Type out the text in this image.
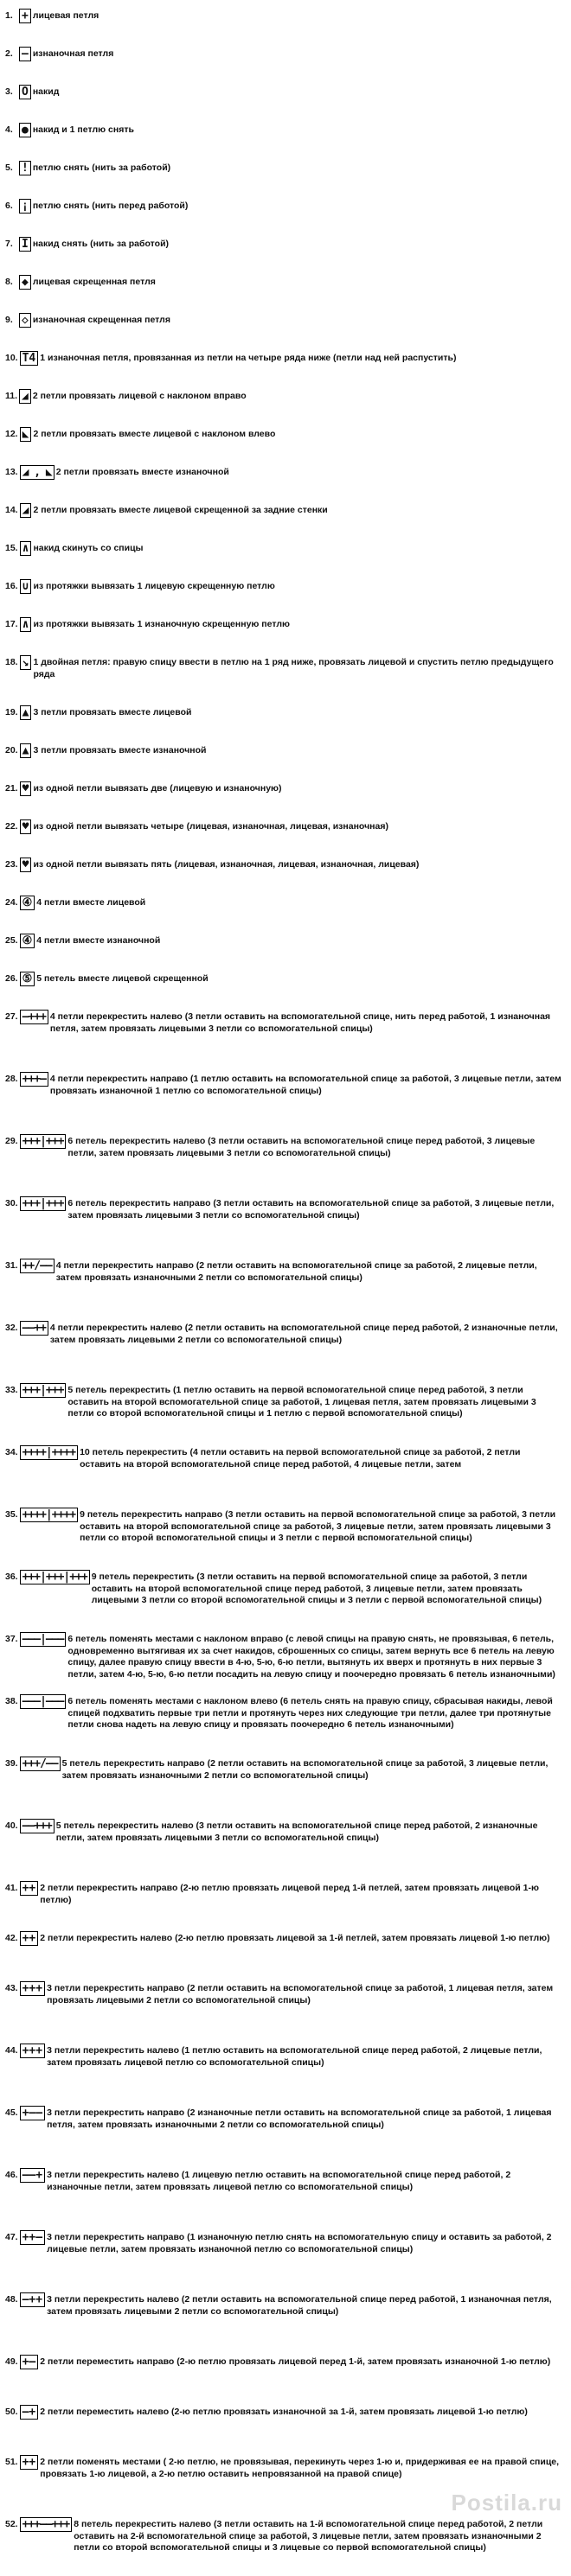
1. + лицевая петля
2. — изнаночная петля
3. O накид
4. ● накид и 1 петлю снять
5. ! петлю снять (нить за работой)
6. ¡ петлю снять (нить перед работой)
7. I накид снять (нить за работой)
8. ◆ лицевая скрещенная петля
9. ◇ изнаночная скрещенная петля
10. T4 1 изнаночная петля, провязанная из петли на четыре ряда ниже (петли над ней распустить)
11. ◢ 2 петли провязать лицевой с наклоном вправо
12. ◣ 2 петли провязать вместе лицевой с наклоном влево
13. ◢ , ◣ 2 петли провязать вместе изнаночной
14. ◢ 2 петли провязать вместе лицевой скрещенной за задние стенки
15. ∧ накид скинуть со спицы
16. ∪ из протяжки вывязать 1 лицевую скрещенную петлю
17. ∧ из протяжки вывязать 1 изнаночную скрещенную петлю
18. ↘ 1 двойная петля: правую спицу ввести в петлю на 1 ряд ниже, провязать лицевой и спустить петлю предыдущего ряда
19. ▲ 3 петли провязать вместе лицевой
20. ▲ 3 петли провязать вместе изнаночной
21. ♥ из одной петли вывязать две (лицевую и изнаночную)
22. ♥ из одной петли вывязать четыре (лицевая, изнаночная, лицевая, изнаночная)
23. ♥ из одной петли вывязать пять (лицевая, изнаночная, лицевая, изнаночная, лицевая)
24. ④ 4 петли вместе лицевой
25. ④ 4 петли вместе изнаночной
26. ⑤ 5 петель вместе лицевой скрещенной
27. —+++ 4 петли перекрестить налево (3 петли оставить на вспомогательной спице, нить перед работой, 1 изнаночная петля, затем провязать лицевыми 3 петли со вспомогательной спицы)
28. +++— 4 петли перекрестить направо (1 петлю оставить на вспомогательной спице за работой, 3 лицевые петли, затем провязать изнаночной 1 петлю со вспомогательной спицы)
29. +++|+++ 6 петель перекрестить налево (3 петли оставить на вспомогательной спице перед работой, 3 лицевые петли, затем провязать лицевыми 3 петли со вспомогательной спицы)
30. +++|+++ 6 петель перекрестить направо (3 петли оставить на вспомогательной спице за работой, 3 лицевые петли, затем провязать лицевыми 3 петли со вспомогательной спицы)
31. ++/—— 4 петли перекрестить направо (2 петли оставить на вспомогательной спице за работой, 2 лицевые петли, затем провязать изнаночными 2 петли со вспомогательной спицы)
32. ——++ 4 петли перекрестить налево (2 петли оставить на вспомогательной спице перед работой, 2 изнаночные петли, затем провязать лицевыми 2 петли со вспомогательной спицы)
33. +++|+++ 5 петель перекрестить (1 петлю оставить на первой вспомогательной спице перед работой, 3 петли оставить на второй вспомогательной спице за работой, 1 лицевая петля, затем провязать лицевыми 3 петли со второй вспомогательной спицы и 1 петлю с первой вспомогательной спицы)
34. ++++|++++ 10 петель перекрестить (4 петли оставить на первой вспомогательной спице за работой, 2 петли оставить на второй вспомогательной спице перед работой, 4 лицевые петли, затем
35. ++++|++++ 9 петель перекрестить направо (3 петли оставить на первой вспомогательной спице за работой, 3 петли оставить на второй вспомогательной спице за работой, 3 лицевые петли, затем провязать лицевыми 3 петли со второй вспомогательной спицы и 3 петли с первой вспомогательной спицы)
36. +++|+++|+++ 9 петель перекрестить (3 петли оставить на первой вспомогательной спице за работой, 3 петли оставить на второй вспомогательной спице перед работой, 3 лицевые петли, затем провязать лицевыми 3 петли со второй вспомогательной спицы и 3 петли с первой вспомогательной спицы)
37. ———|——— 6 петель поменять местами с наклоном вправо (с левой спицы на правую снять, не провязывая, 6 петель, одновременно вытягивая их за счет накидов, сброшенных со спицы, затем вернуть все 6 петель на левую спицу, далее правую спицу ввести в 4-ю, 5-ю, 6-ю петли, вытянуть их вверх и протянуть в них первые 3 петли, затем 4-ю, 5-ю, 6-ю петли посадить на левую спицу и поочередно провязать 6 петель изнаночными)
38. ———|——— 6 петель поменять местами с наклоном влево (6 петель снять на правую спицу, сбрасывая накиды, левой спицей подхватить первые три петли и протянуть через них следующие три петли, далее три протянутые петли снова надеть на левую спицу и провязать поочередно 6 петель изнаночными)
39. +++/—— 5 петель перекрестить направо (2 петли оставить на вспомогательной спице за работой, 3 лицевые петли, затем провязать изнаночными 2 петли со вспомогательной спицы)
40. ——+++ 5 петель перекрестить налево (3 петли оставить на вспомогательной спице перед работой, 2 изнаночные петли, затем провязать лицевыми 3 петли со вспомогательной спицы)
41. ++ 2 петли перекрестить направо (2-ю петлю провязать лицевой перед 1-й петлей, затем провязать лицевой 1-ю петлю)
42. ++ 2 петли перекрестить налево (2-ю петлю провязать лицевой за 1-й петлей, затем провязать лицевой 1-ю петлю)
43. +++ 3 петли перекрестить направо (2 петли оставить на вспомогательной спице за работой, 1 лицевая петля, затем провязать лицевыми 2 петли со вспомогательной спицы)
44. +++ 3 петли перекрестить налево (1 петлю оставить на вспомогательной спице перед работой, 2 лицевые петли, затем провязать лицевой петлю со вспомогательной спицы)
45. +—— 3 петли перекрестить направо (2 изнаночные петли оставить на вспомогательной спице за работой, 1 лицевая петля, затем провязать изнаночными 2 петли со вспомогательной спицы)
46. ——+ 3 петли перекрестить налево (1 лицевую петлю оставить на вспомогательной спице перед работой, 2 изнаночные петли, затем провязать лицевой петлю со вспомогательной спицы)
47. ++— 3 петли перекрестить направо (1 изнаночную петлю снять на вспомогательную спицу и оставить за работой, 2 лицевые петли, затем провязать изнаночной петлю со вспомогательной спицы)
48. —++ 3 петли перекрестить налево (2 петли оставить на вспомогательной спице перед работой, 1 изнаночная петля, затем провязать лицевыми 2 петли со вспомогательной спицы)
49. +— 2 петли переместить направо (2-ю петлю провязать лицевой перед 1-й, затем провязать изнаночной 1-ю петлю)
50. —+ 2 петли переместить налево (2-ю петлю провязать изнаночной за 1-й, затем провязать лицевой 1-ю петлю)
51. ++ 2 петли поменять местами ( 2-ю петлю, не провязывая, перекинуть через 1-ю и, придерживая ее на правой спице, провязать 1-ю лицевой, а 2-ю петлю оставить непровязанной на правой спице)
52. +++——+++ 8 петель перекрестить налево (3 петли оставить на 1-й вспомогательной спице перед работой, 2 петли оставить на 2-й вспомогательной спице за работой, 3 лицевые петли, затем провязать изнаночными 2 петли со второй вспомогательной спицы и 3 лицевые со первой вспомогательной спицы)
Postila.ru
